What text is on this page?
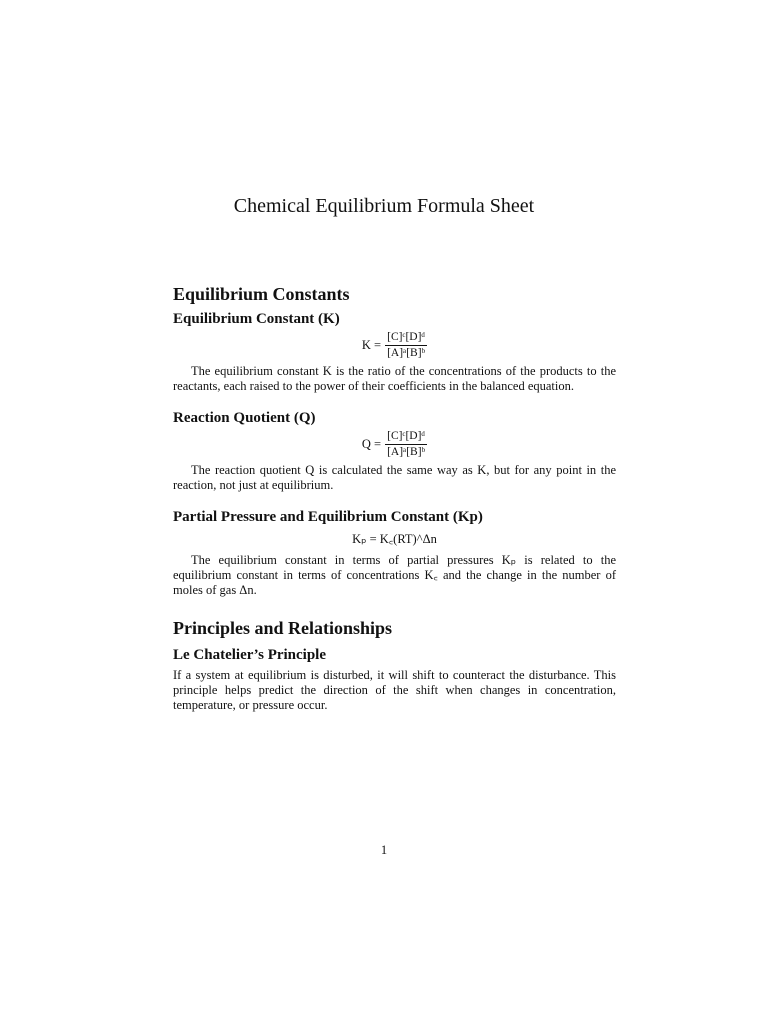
Chemical Equilibrium Formula Sheet
Equilibrium Constants
Equilibrium Constant (K)
$K = \frac{\text{[C]ᶜ[D]ᵈ}}{\text{[A]ᵃ[B]ᵇ}}$

The equilibrium constant K is the ratio of the concentrations of the products to the reactants, each raised to the power of their coefficients in the balanced equation.

Reaction Quotient (Q)
$Q = \frac{\text{[C]ᶜ[D]ᵈ}}{\text{[A]ᵃ[B]ᵇ}}$

The reaction quotient Q is calculated the same way as K, but for any point in the reaction, not just at equilibrium.

Partial Pressure and Equilibrium Constant (Kp)
Kₚ = K꜀(RT)^Δn

The equilibrium constant in terms of partial pressures Kₚ is related to the equilibrium constant in terms of concentrations K꜀ and the change in the number of moles of gas Δn.

Principles and Relationships
Le Chatelier’s Principle

If a system at equilibrium is disturbed, it will shift to counteract the disturbance. This principle helps predict the direction of the shift when changes in concentration, temperature, or pressure occur.

1
